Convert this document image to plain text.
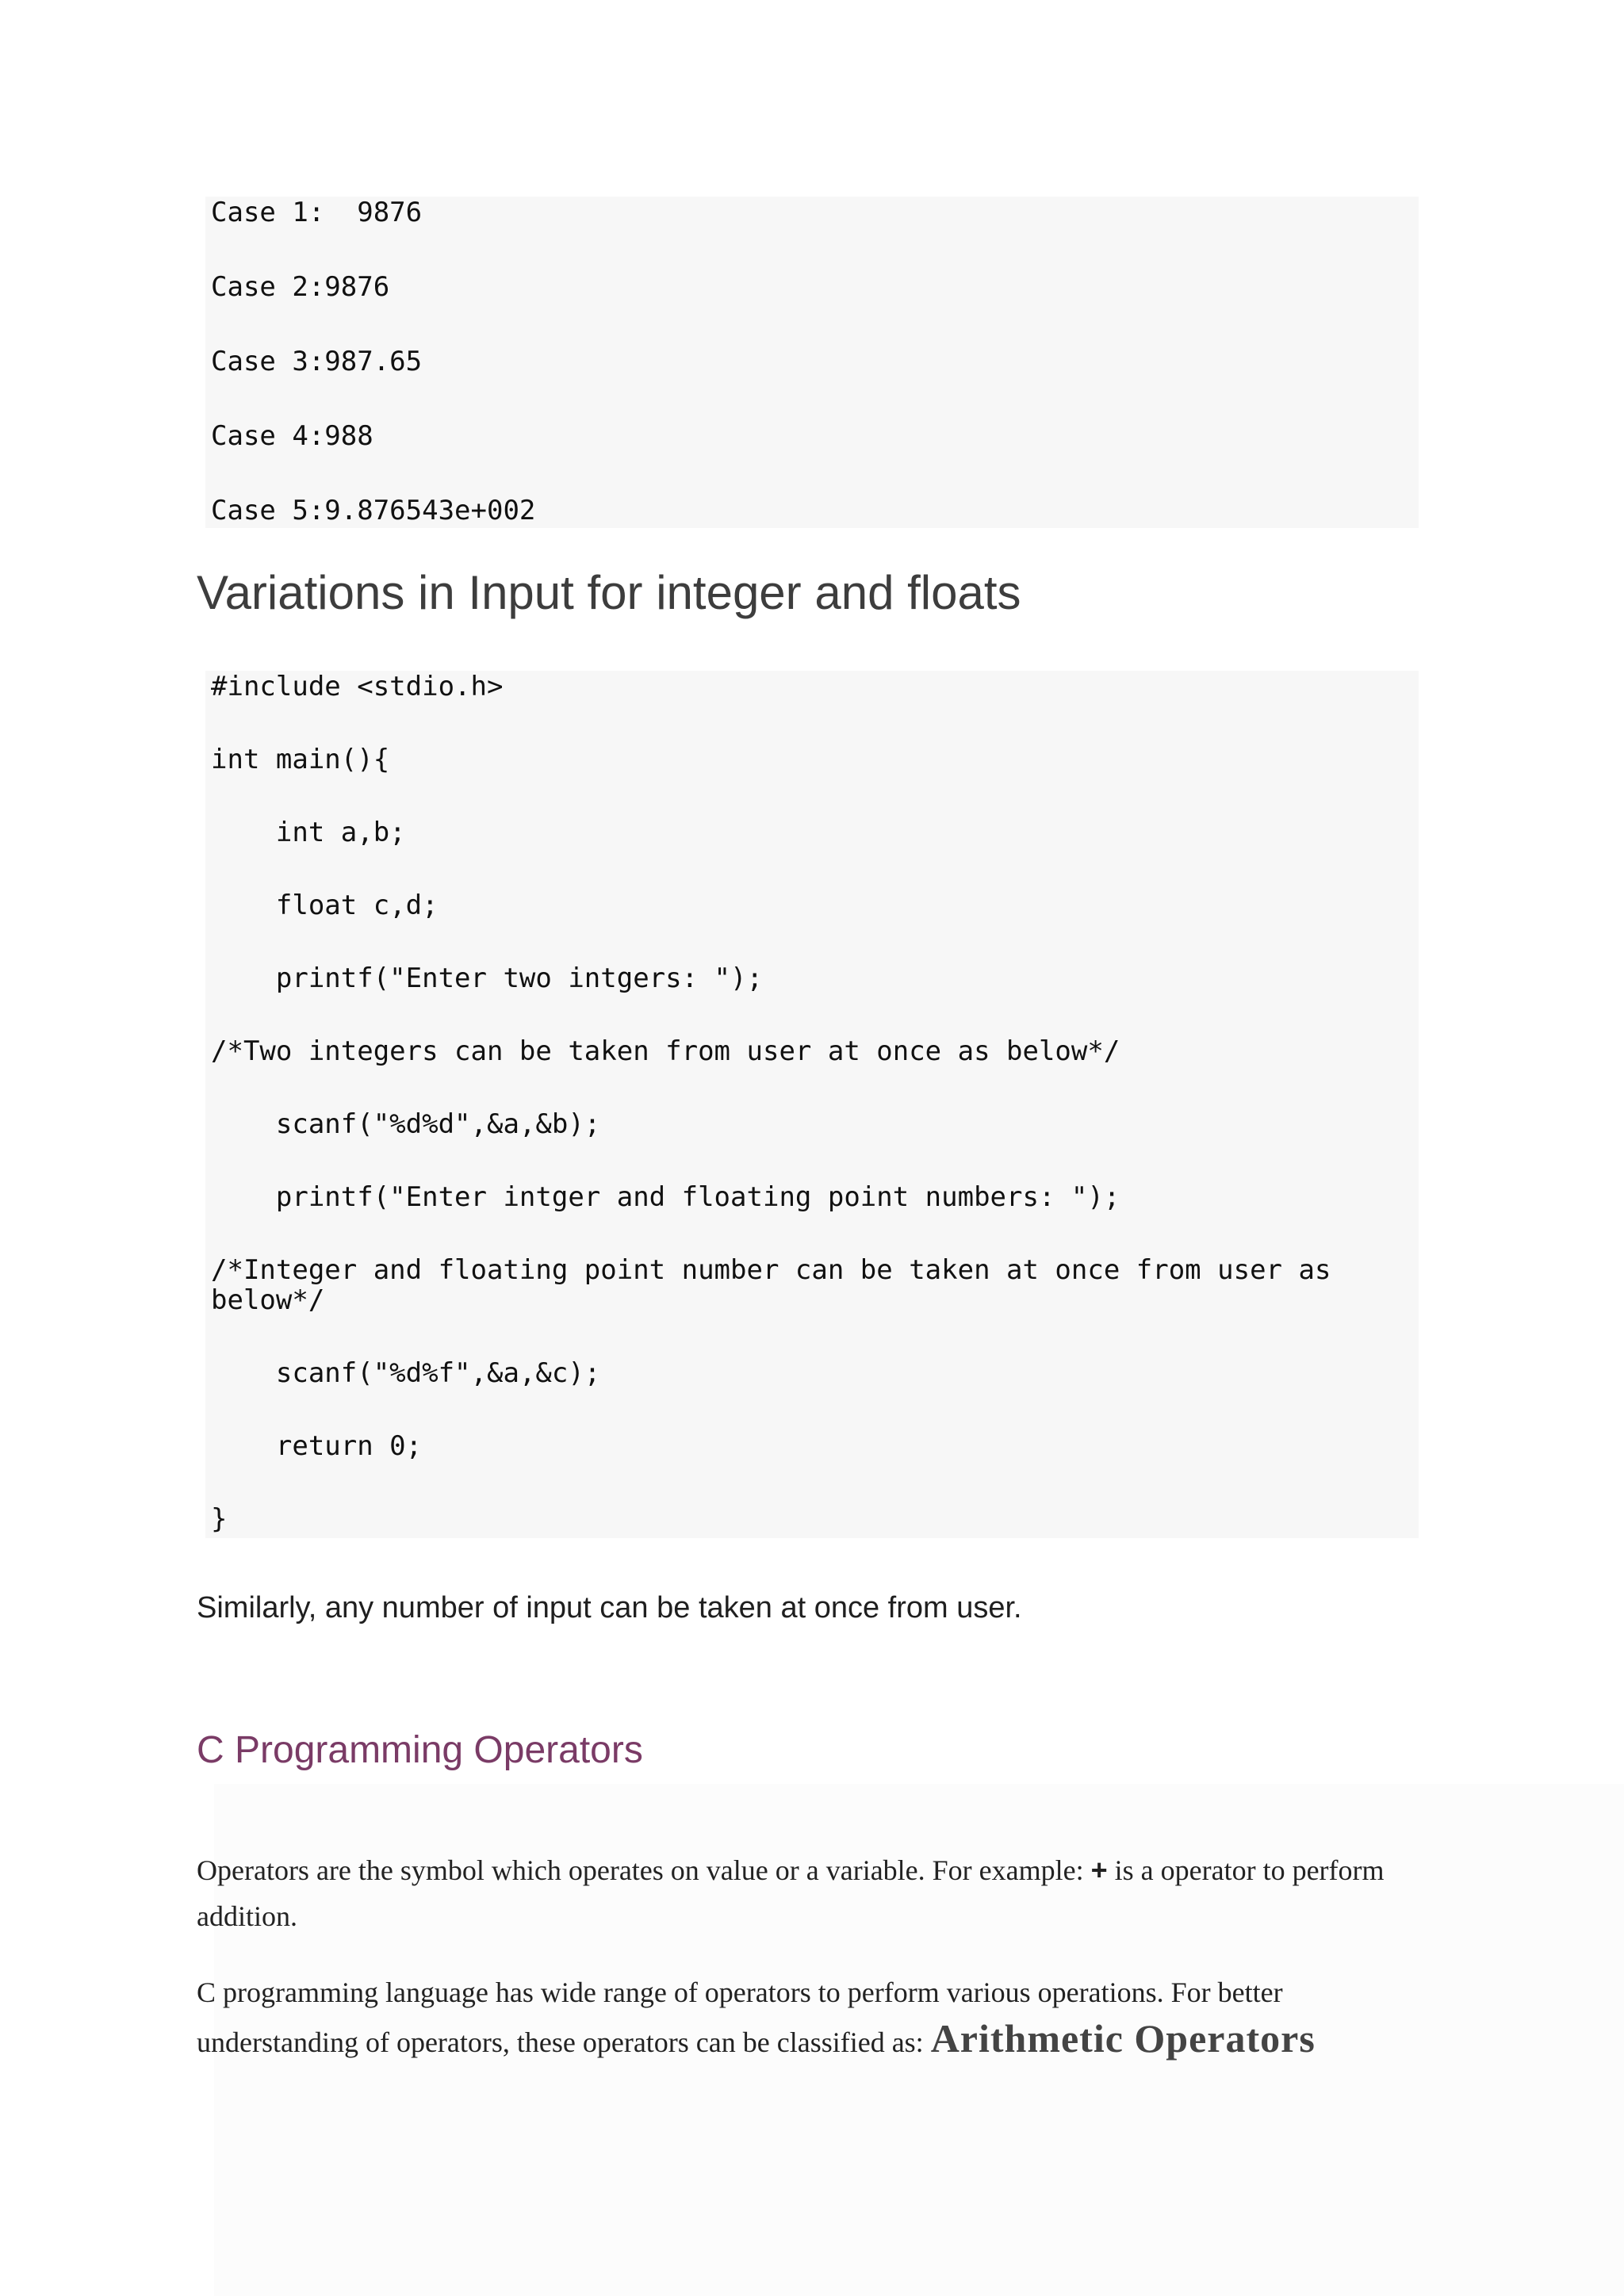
Case 1:  9876
Case 2:9876
Case 3:987.65
Case 4:988
Case 5:9.876543e+002
Variations in Input for integer and floats
#include <stdio.h>
int main(){
int a,b;
float c,d;
printf("Enter two intgers: ");
/*Two integers can be taken from user at once as below*/
scanf("%d%d",&a,&b);
printf("Enter intger and floating point numbers: ");
/*Integer and floating point number can be taken at once from user as
below*/
scanf("%d%f",&a,&c);
return 0;
}
Similarly, any number of input can be taken at once from user.
C Programming Operators
Operators are the symbol which operates on value or a variable. For example: + is a operator to perform addition.
C programming language has wide range of operators to perform various operations. For better understanding of operators, these operators can be classified as: Arithmetic Operators
